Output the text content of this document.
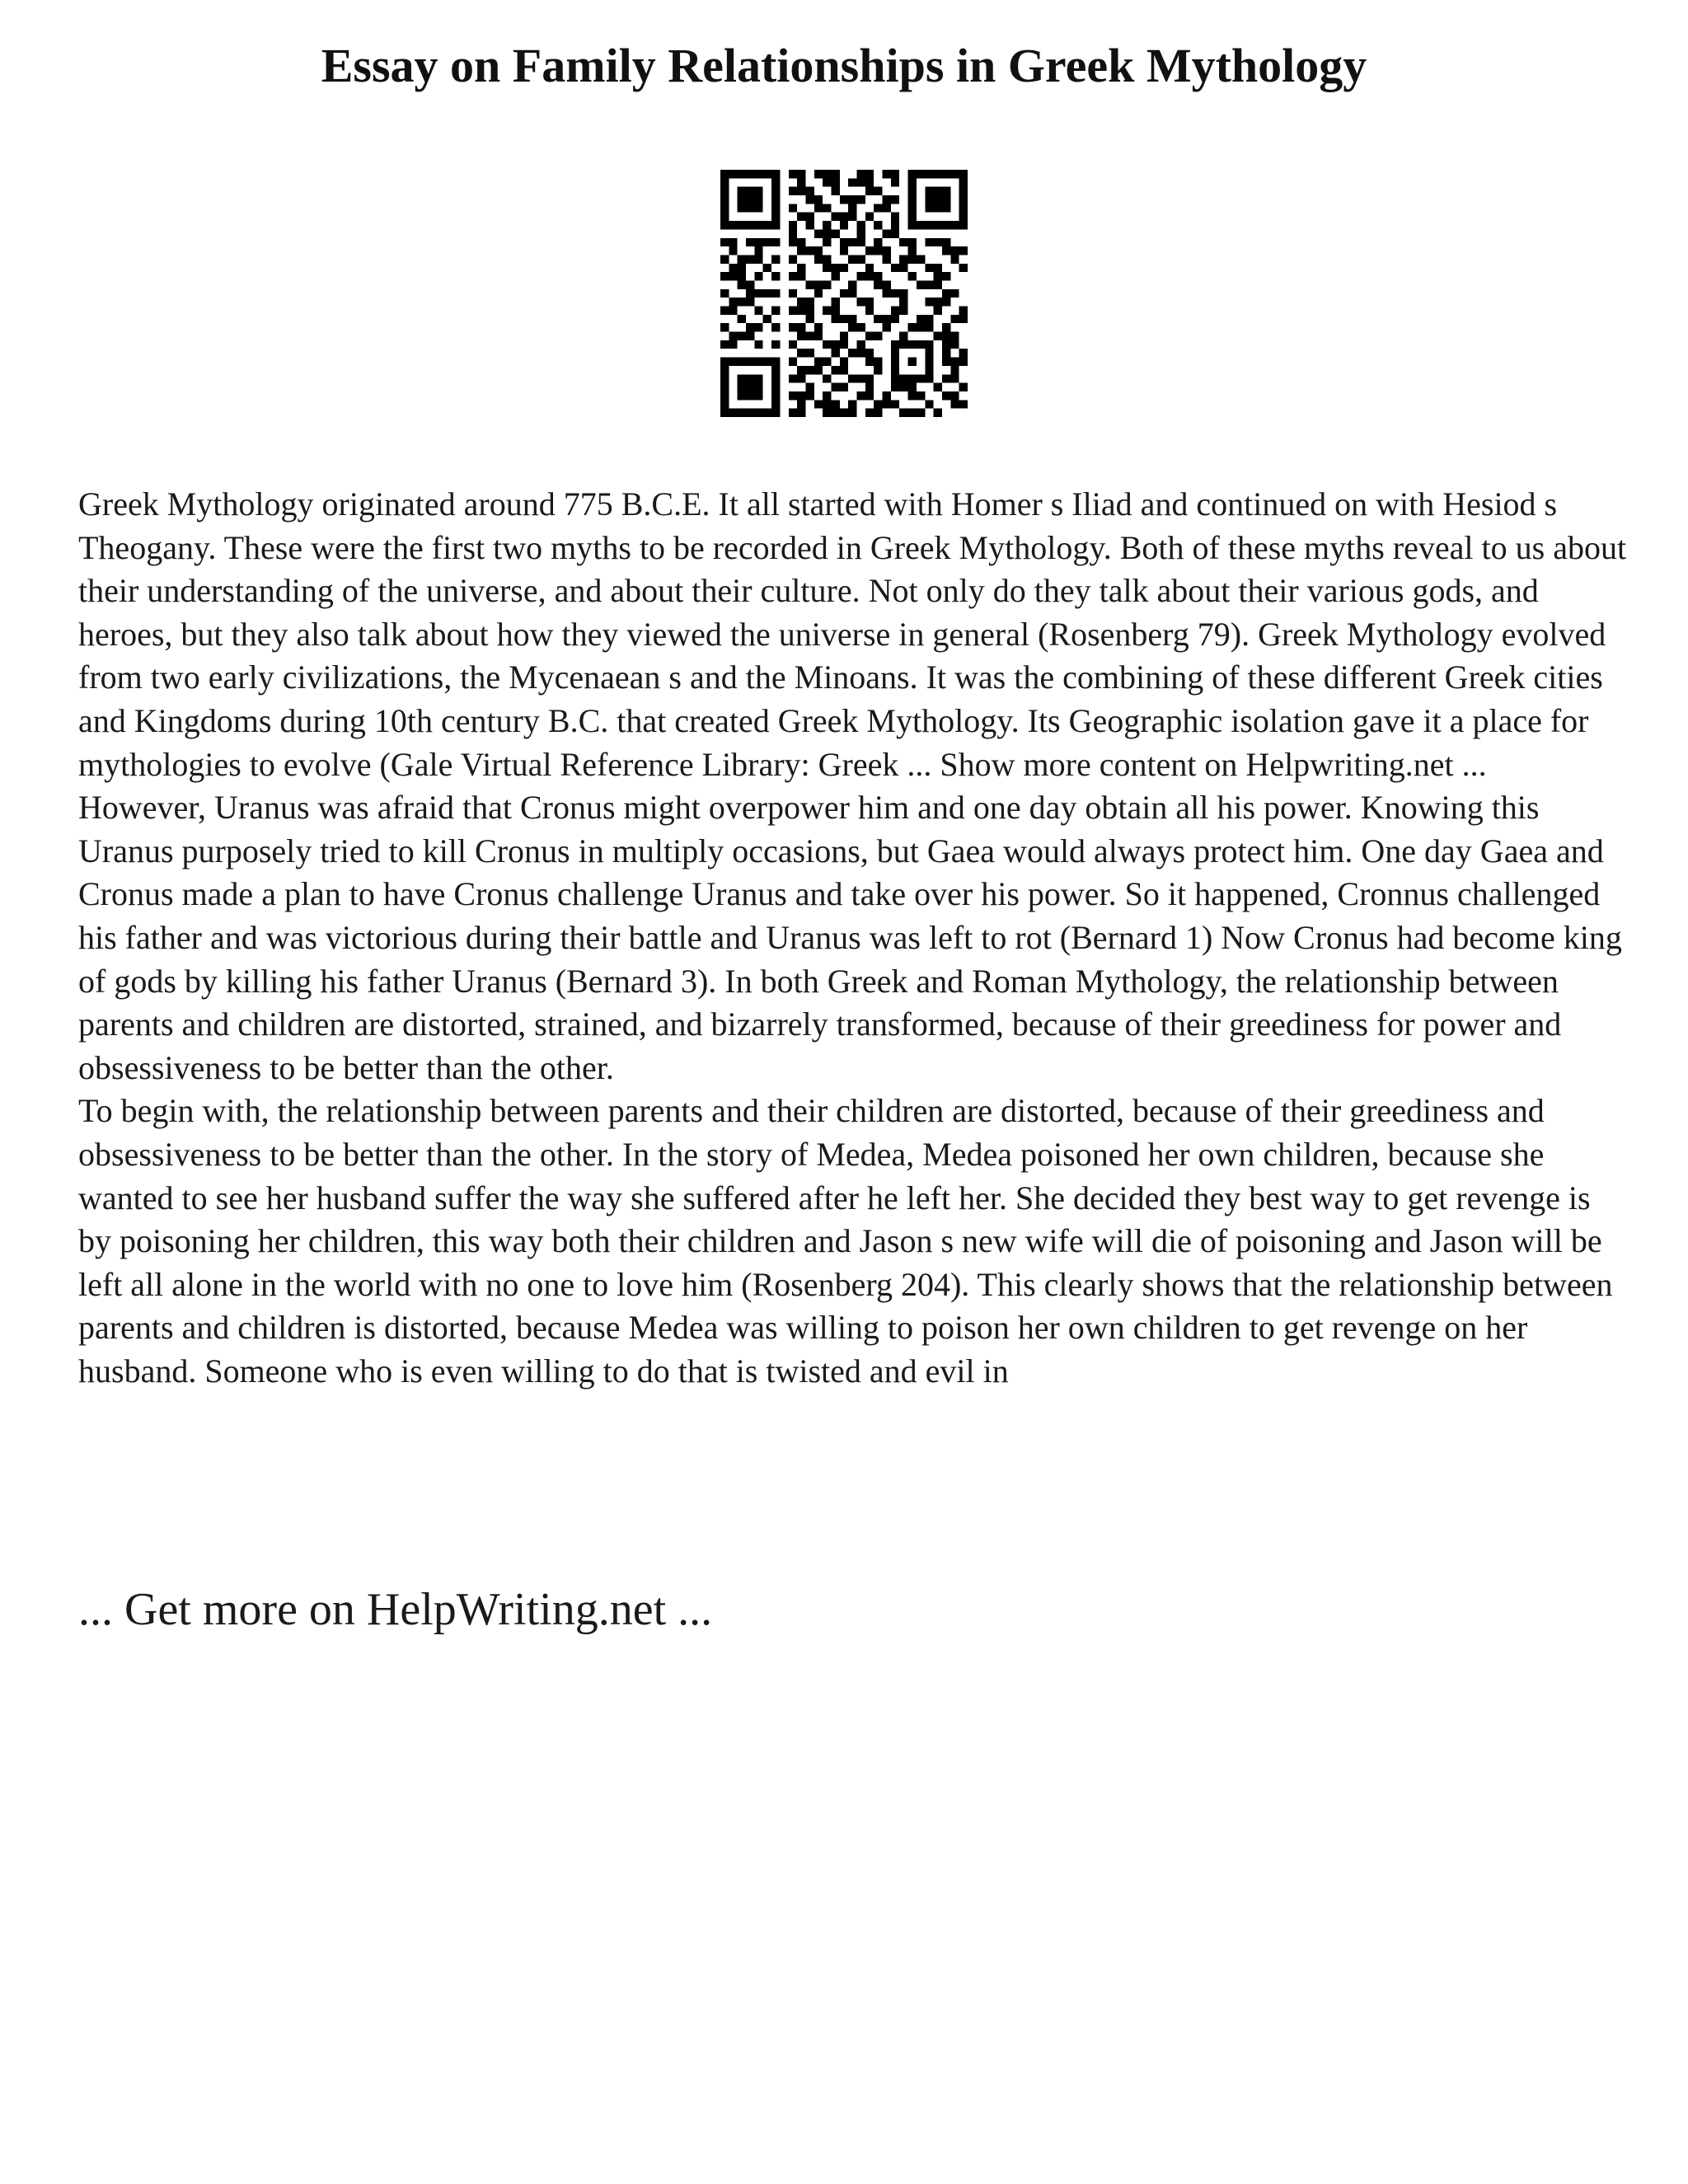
Essay on Family Relationships in Greek Mythology

Greek Mythology originated around 775 B.C.E. It all started with Homer s Iliad and continued on with Hesiod s Theogany. These were the first two myths to be recorded in Greek Mythology. Both of these myths reveal to us about their understanding of the universe, and about their culture. Not only do they talk about their various gods, and heroes, but they also talk about how they viewed the universe in general (Rosenberg 79). Greek Mythology evolved from two early civilizations, the Mycenaean s and the Minoans. It was the combining of these different Greek cities and Kingdoms during 10th century B.C. that created Greek Mythology. Its Geographic isolation gave it a place for mythologies to evolve (Gale Virtual Reference Library: Greek ... Show more content on Helpwriting.net ...

However, Uranus was afraid that Cronus might overpower him and one day obtain all his power. Knowing this Uranus purposely tried to kill Cronus in multiply occasions, but Gaea would always protect him. One day Gaea and Cronus made a plan to have Cronus challenge Uranus and take over his power. So it happened, Cronnus challenged his father and was victorious during their battle and Uranus was left to rot (Bernard 1) Now Cronus had become king of gods by killing his father Uranus (Bernard 3). In both Greek and Roman Mythology, the relationship between parents and children are distorted, strained, and bizarrely transformed, because of their greediness for power and obsessiveness to be better than the other.

To begin with, the relationship between parents and their children are distorted, because of their greediness and obsessiveness to be better than the other. In the story of Medea, Medea poisoned her own children, because she wanted to see her husband suffer the way she suffered after he left her. She decided they best way to get revenge is by poisoning her children, this way both their children and Jason s new wife will die of poisoning and Jason will be left all alone in the world with no one to love him (Rosenberg 204). This clearly shows that the relationship between parents and children is distorted, because Medea was willing to poison her own children to get revenge on her husband. Someone who is even willing to do that is twisted and evil in

... Get more on HelpWriting.net ...
